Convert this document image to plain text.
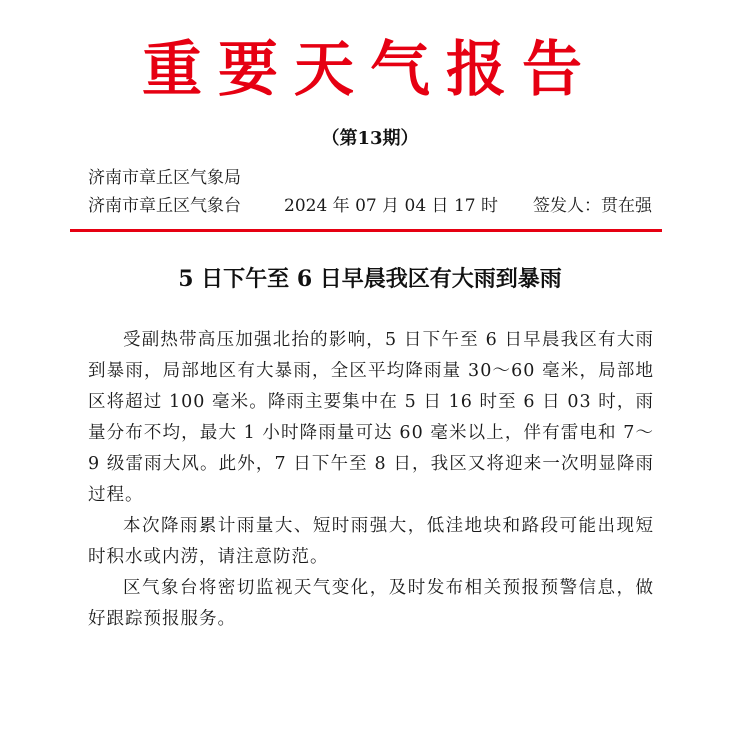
重要天气报告
（第13期）
济南市章丘区气象局
济南市章丘区气象台	2024 年 07 月 04 日 17 时 签发人：贯在强
5 日下午至 6 日早晨我区有大雨到暴雨

受副热带高压加强北抬的影响，5 日下午至 6 日早晨我区有大雨到暴雨，局部地区有大暴雨，全区平均降雨量 30～60 毫米，局部地区将超过 100 毫米。降雨主要集中在 5 日 16 时至 6 日 03 时，雨量分布不均，最大 1 小时降雨量可达 60 毫米以上，伴有雷电和 7～9 级雷雨大风。此外，7 日下午至 8 日，我区又将迎来一次明显降雨过程。

本次降雨累计雨量大、短时雨强大，低洼地块和路段可能出现短时积水或内涝，请注意防范。

区气象台将密切监视天气变化，及时发布相关预报预警信息，做好跟踪预报服务。
